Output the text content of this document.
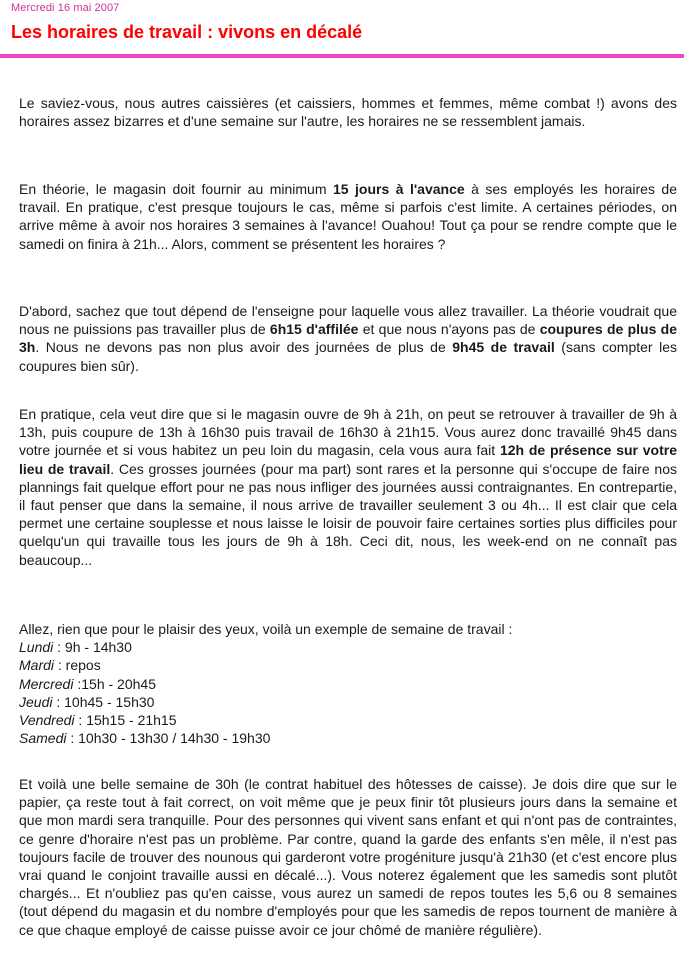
Mercredi 16 mai 2007
Les horaires de travail : vivons en décalé

Le saviez-vous, nous autres caissières (et caissiers, hommes et femmes, même combat !) avons des horaires assez bizarres et d'une semaine sur l'autre, les horaires ne se ressemblent jamais.

En théorie, le magasin doit fournir au minimum 15 jours à l'avance à ses employés les horaires de travail. En pratique, c'est presque toujours le cas, même si parfois c'est limite. A certaines périodes, on arrive même à avoir nos horaires 3 semaines à l'avance! Ouahou! Tout ça pour se rendre compte que le samedi on finira à 21h... Alors, comment se présentent les horaires ?

D'abord, sachez que tout dépend de l'enseigne pour laquelle vous allez travailler. La théorie voudrait que nous ne puissions pas travailler plus de 6h15 d'affilée et que nous n'ayons pas de coupures de plus de 3h. Nous ne devons pas non plus avoir des journées de plus de 9h45 de travail (sans compter les coupures bien sûr).

En pratique, cela veut dire que si le magasin ouvre de 9h à 21h, on peut se retrouver à travailler de 9h à 13h, puis coupure de 13h à 16h30 puis travail de 16h30 à 21h15. Vous aurez donc travaillé 9h45 dans votre journée et si vous habitez un peu loin du magasin, cela vous aura fait 12h de présence sur votre lieu de travail. Ces grosses journées (pour ma part) sont rares et la personne qui s'occupe de faire nos plannings fait quelque effort pour ne pas nous infliger des journées aussi contraignantes. En contrepartie, il faut penser que dans la semaine, il nous arrive de travailler seulement 3 ou 4h... Il est clair que cela permet une certaine souplesse et nous laisse le loisir de pouvoir faire certaines sorties plus difficiles pour quelqu'un qui travaille tous les jours de 9h à 18h. Ceci dit, nous, les week-end on ne connaît pas beaucoup...

Allez, rien que pour le plaisir des yeux, voilà un exemple de semaine de travail :
Lundi : 9h - 14h30
Mardi : repos
Mercredi :15h - 20h45
Jeudi : 10h45 - 15h30
Vendredi : 15h15 - 21h15
Samedi : 10h30 - 13h30 / 14h30 - 19h30

Et voilà une belle semaine de 30h (le contrat habituel des hôtesses de caisse). Je dois dire que sur le papier, ça reste tout à fait correct, on voit même que je peux finir tôt plusieurs jours dans la semaine et que mon mardi sera tranquille. Pour des personnes qui vivent sans enfant et qui n'ont pas de contraintes, ce genre d'horaire n'est pas un problème. Par contre, quand la garde des enfants s'en mêle, il n'est pas toujours facile de trouver des nounous qui garderont votre progéniture jusqu'à 21h30 (et c'est encore plus vrai quand le conjoint travaille aussi en décalé...). Vous noterez également que les samedis sont plutôt chargés... Et n'oubliez pas qu'en caisse, vous aurez un samedi de repos toutes les 5,6 ou 8 semaines (tout dépend du magasin et du nombre d'employés pour que les samedis de repos tournent de manière à ce que chaque employé de caisse puisse avoir ce jour chômé de manière régulière).
